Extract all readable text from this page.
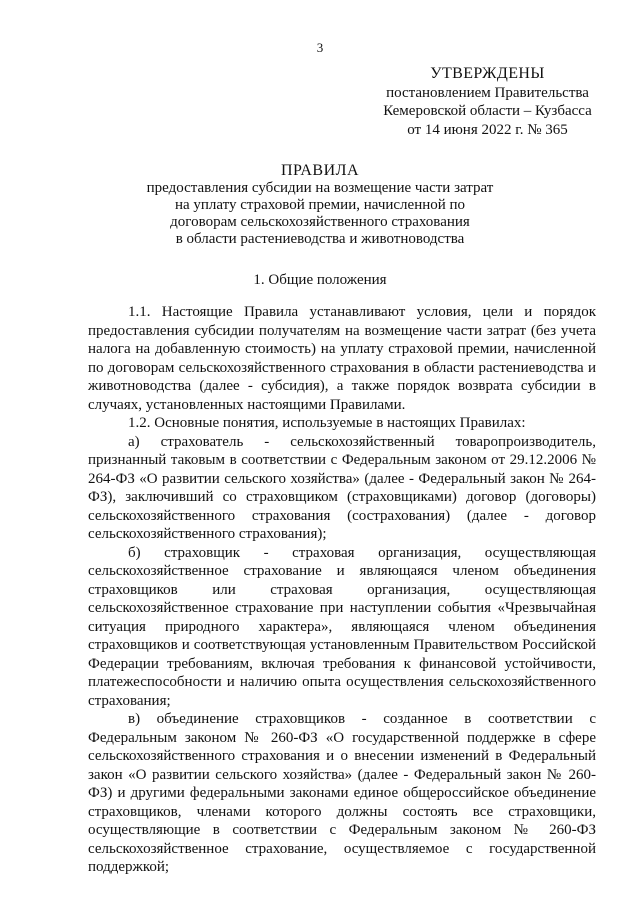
3
УТВЕРЖДЕНЫ
постановлением Правительства
Кемеровской области – Кузбасса
от 14 июня 2022 г. № 365
ПРАВИЛА
предоставления субсидии на возмещение части затрат
на уплату страховой премии, начисленной по
договорам сельскохозяйственного страхования
в области растениеводства и животноводства
1. Общие положения

1.1. Настоящие Правила устанавливают условия, цели и порядок предоставления субсидии получателям на возмещение части затрат (без учета налога на добавленную стоимость) на уплату страховой премии, начисленной по договорам сельскохозяйственного страхования в области растениеводства и животноводства (далее - субсидия), а также порядок возврата субсидии в случаях, установленных настоящими Правилами.

1.2. Основные понятия, используемые в настоящих Правилах:

а) страхователь - сельскохозяйственный товаропроизводитель, признанный таковым в соответствии с Федеральным законом от 29.12.2006 № 264-ФЗ «О развитии сельского хозяйства» (далее - Федеральный закон № 264-ФЗ), заключивший со страховщиком (страховщиками) договор (договоры) сельскохозяйственного страхования (сострахования) (далее - договор сельскохозяйственного страхования);

б) страховщик - страховая организация, осуществляющая сельскохозяйственное страхование и являющаяся членом объединения страховщиков или страховая организация, осуществляющая сельскохозяйственное страхование при наступлении события «Чрезвычайная ситуация природного характера», являющаяся членом объединения страховщиков и соответствующая установленным Правительством Российской Федерации требованиям, включая требования к финансовой устойчивости, платежеспособности и наличию опыта осуществления сельскохозяйственного страхования;

в) объединение страховщиков - созданное в соответствии с Федеральным законом № 260-ФЗ «О государственной поддержке в сфере сельскохозяйственного страхования и о внесении изменений в Федеральный закон «О развитии сельского хозяйства» (далее - Федеральный закон № 260-ФЗ) и другими федеральными законами единое общероссийское объединение страховщиков, членами которого должны состоять все страховщики, осуществляющие в соответствии с Федеральным законом № 260-ФЗ сельскохозяйственное страхование, осуществляемое с государственной поддержкой;
